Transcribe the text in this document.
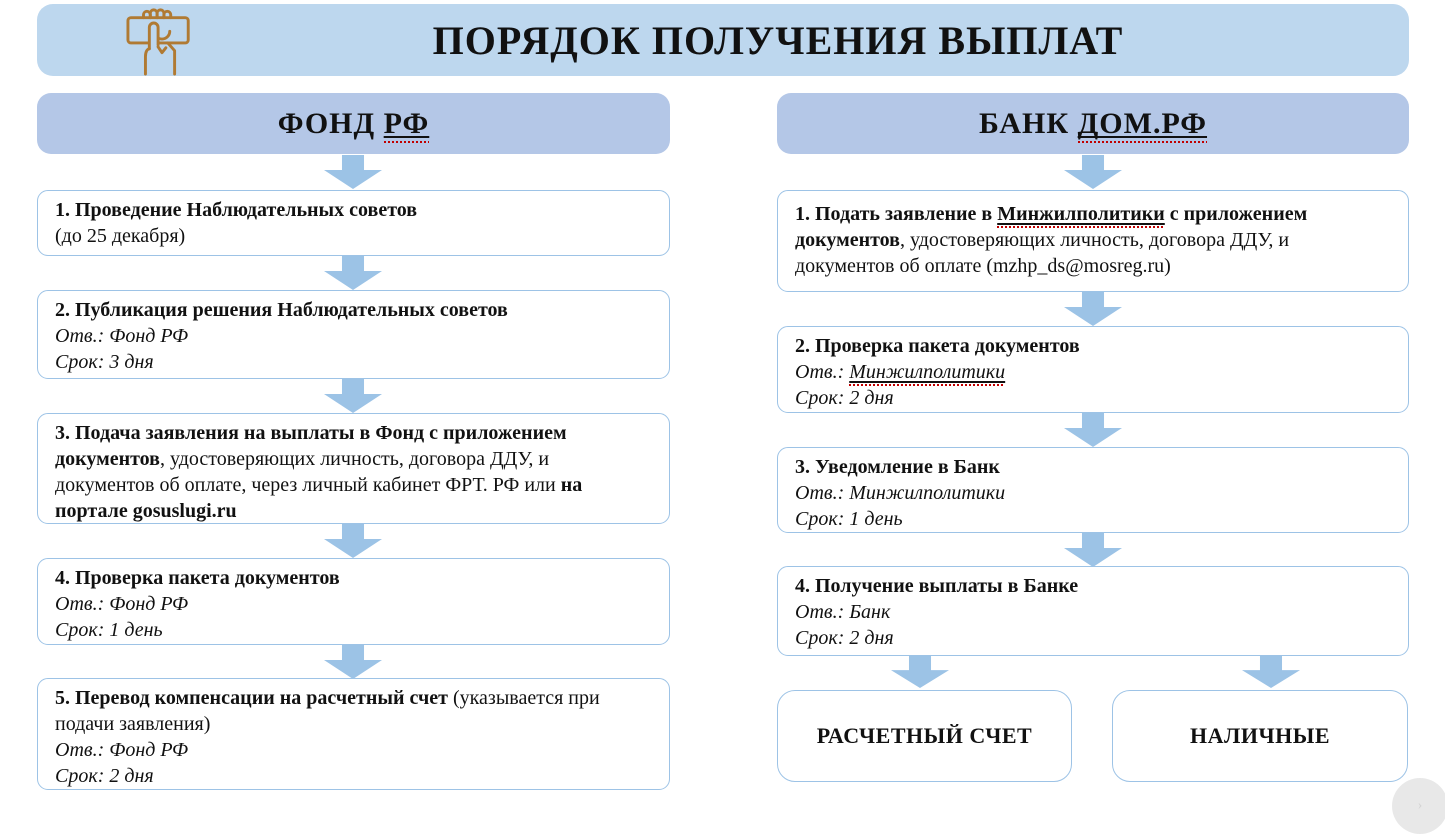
ПОРЯДОК ПОЛУЧЕНИЯ ВЫПЛАТ
ФОНД РФ	БАНК ДОМ.РФ
1. Проведение Наблюдательных советов
(до 25 декабря)
2. Публикация решения Наблюдательных советов
Отв.: Фонд РФ
Срок: 3 дня
3. Подача заявления на выплаты в Фонд с приложением документов, удостоверяющих личность, договора ДДУ, и документов об оплате, через личный кабинет ФРТ. РФ или на портале gosuslugi.ru
4. Проверка пакета документов
Отв.: Фонд РФ
Срок: 1 день
5. Перевод компенсации на расчетный счет (указывается при подачи заявления)
Отв.: Фонд РФ
Срок: 2 дня
1. Подать заявление в Минжилполитики с приложением документов, удостоверяющих личность, договора ДДУ, и документов об оплате (mzhp_ds@mosreg.ru)
2. Проверка пакета документов
Отв.: Минжилполитики
Срок: 2 дня
3. Уведомление в Банк
Отв.: Минжилполитики
Срок: 1 день
4. Получение выплаты в Банке
Отв.: Банк
Срок: 2 дня
РАСЧЕТНЫЙ СЧЕТ	НАЛИЧНЫЕ
›
